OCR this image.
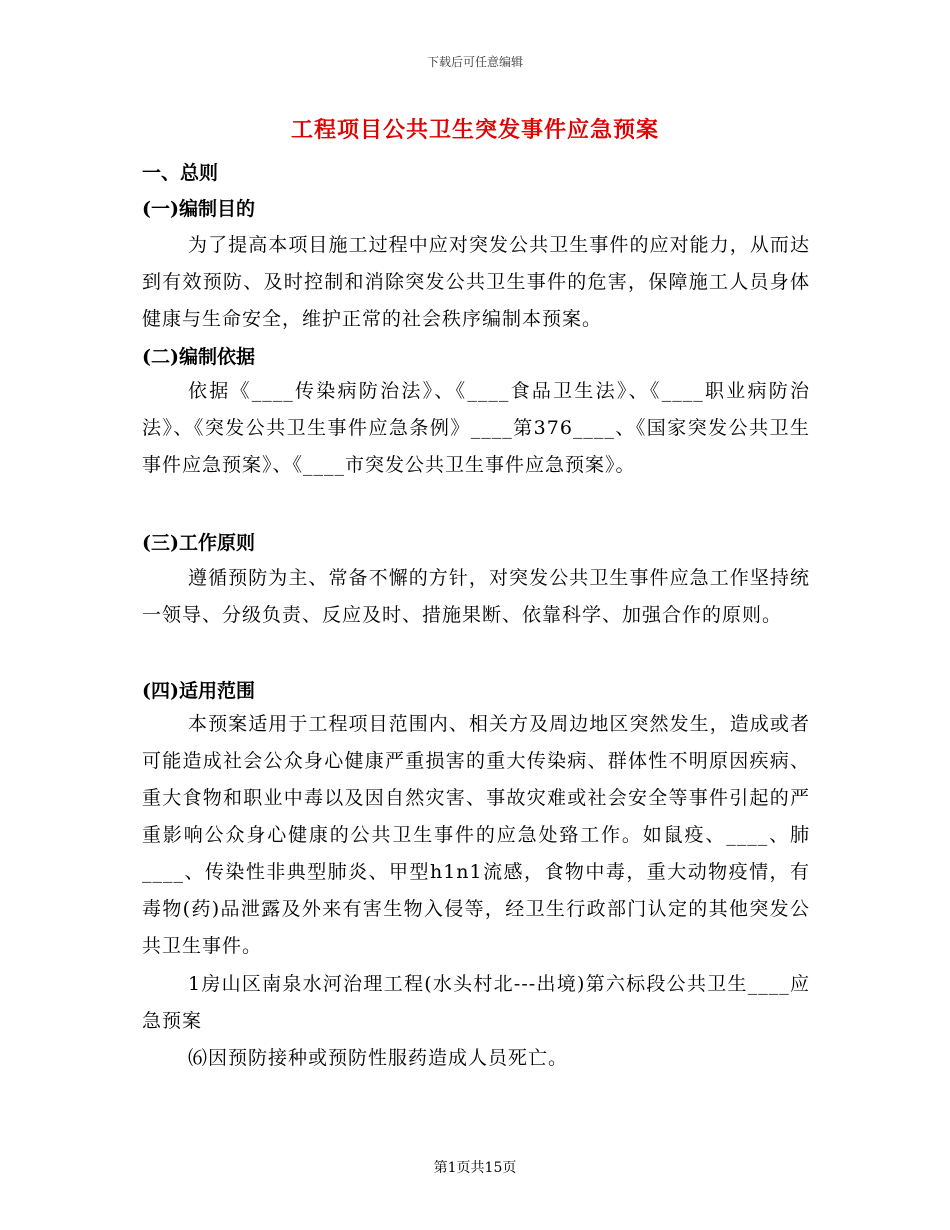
下载后可任意编辑
工程项目公共卫生突发事件应急预案
一、总则
(一)编制目的
为了提高本项目施工过程中应对突发公共卫生事件的应对能力，从而达到有效预防、及时控制和消除突发公共卫生事件的危害，保障施工人员身体健康与生命安全，维护正常的社会秩序编制本预案。
(二)编制依据
依据《____传染病防治法》、《____食品卫生法》、《____职业病防治法》、《突发公共卫生事件应急条例》____第376____、《国家突发公共卫生事件应急预案》、《____市突发公共卫生事件应急预案》。
(三)工作原则
遵循预防为主、常备不懈的方针，对突发公共卫生事件应急工作坚持统一领导、分级负责、反应及时、措施果断、依靠科学、加强合作的原则。
(四)适用范围
本预案适用于工程项目范围内、相关方及周边地区突然发生，造成或者可能造成社会公众身心健康严重损害的重大传染病、群体性不明原因疾病、重大食物和职业中毒以及因自然灾害、事故灾难或社会安全等事件引起的严重影响公众身心健康的公共卫生事件的应急处臵工作。如鼠疫、____、肺____、传染性非典型肺炎、甲型h1n1流感，食物中毒，重大动物疫情，有毒物(药)品泄露及外来有害生物入侵等，经卫生行政部门认定的其他突发公共卫生事件。
1房山区南泉水河治理工程(水头村北---出境)第六标段公共卫生____应急预案
⑹因预防接种或预防性服药造成人员死亡。
第1页共15页
